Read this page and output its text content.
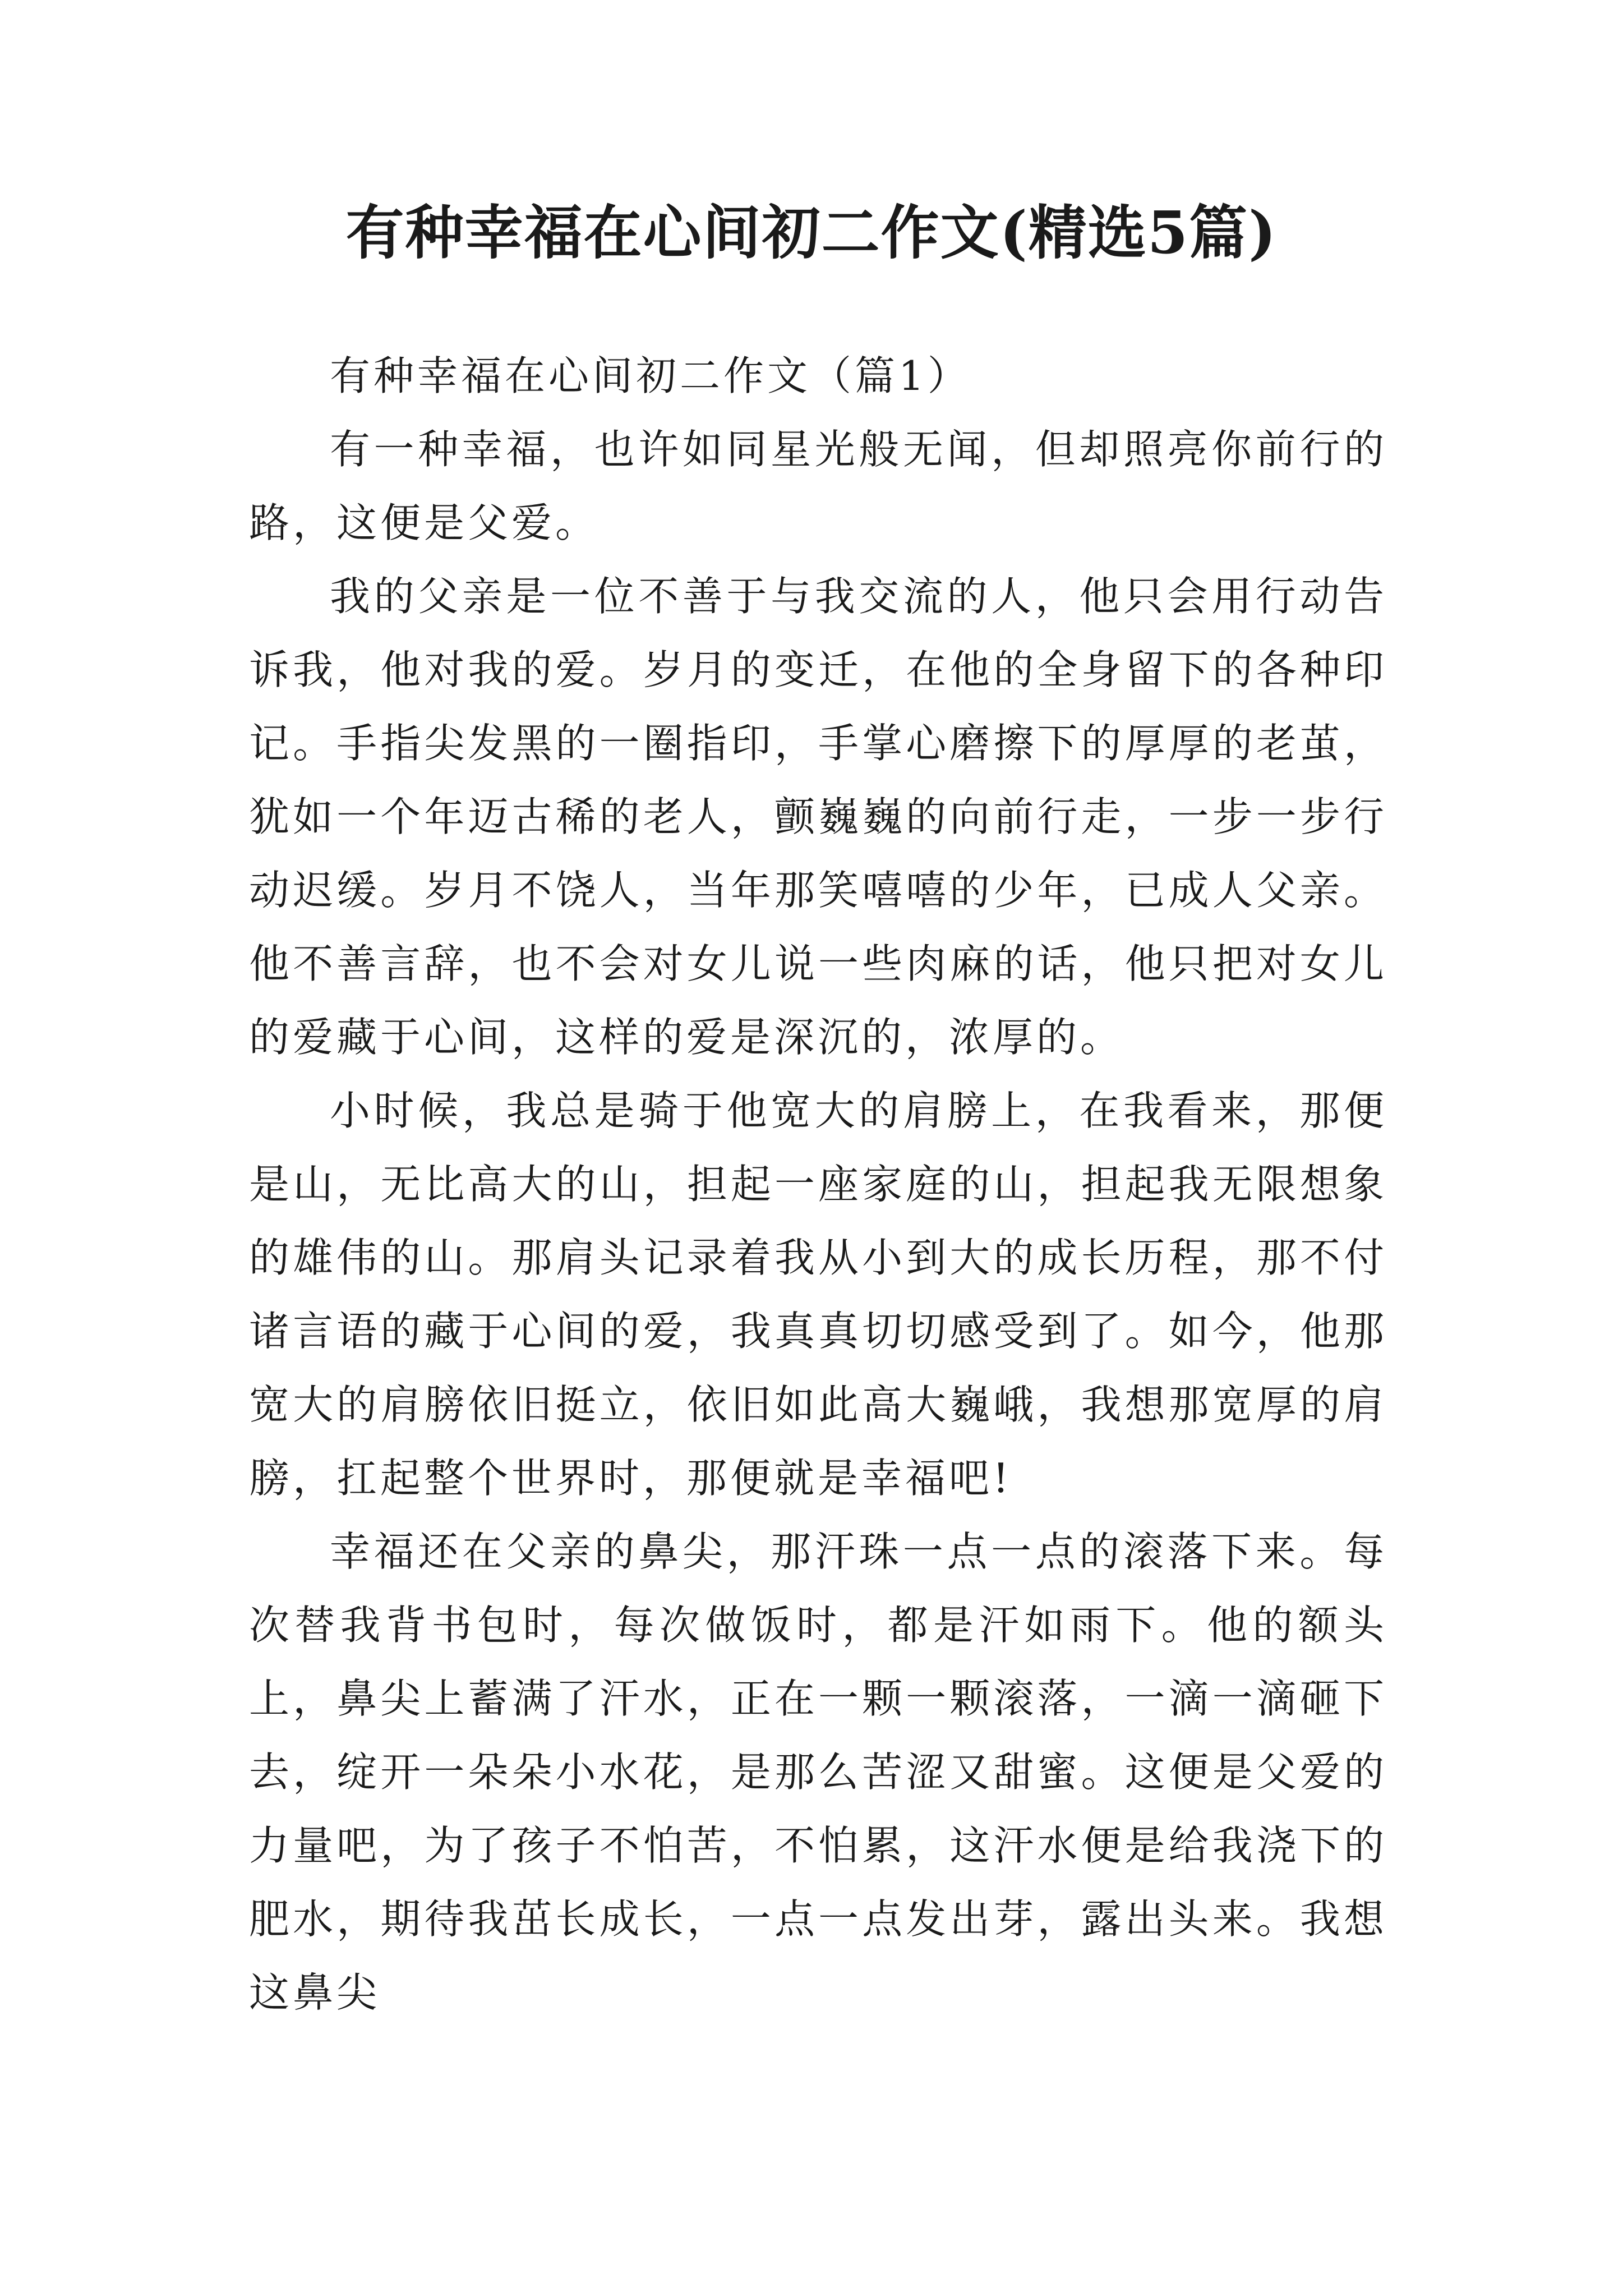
有种幸福在心间初二作文(精选5篇)

有种幸福在心间初二作文（篇1）

有一种幸福，也许如同星光般无闻，但却照亮你前行的路，这便是父爱。

我的父亲是一位不善于与我交流的人，他只会用行动告诉我，他对我的爱。岁月的变迁，在他的全身留下的各种印记。手指尖发黑的一圈指印，手掌心磨擦下的厚厚的老茧，犹如一个年迈古稀的老人，颤巍巍的向前行走，一步一步行动迟缓。岁月不饶人，当年那笑嘻嘻的少年，已成人父亲。他不善言辞，也不会对女儿说一些肉麻的话，他只把对女儿的爱藏于心间，这样的爱是深沉的，浓厚的。

小时候，我总是骑于他宽大的肩膀上，在我看来，那便是山，无比高大的山，担起一座家庭的山，担起我无限想象的雄伟的山。那肩头记录着我从小到大的成长历程，那不付诸言语的藏于心间的爱，我真真切切感受到了。如今，他那宽大的肩膀依旧挺立，依旧如此高大巍峨，我想那宽厚的肩膀，扛起整个世界时，那便就是幸福吧!

幸福还在父亲的鼻尖，那汗珠一点一点的滚落下来。每次替我背书包时，每次做饭时，都是汗如雨下。他的额头上，鼻尖上蓄满了汗水，正在一颗一颗滚落，一滴一滴砸下去，绽开一朵朵小水花，是那么苦涩又甜蜜。这便是父爱的力量吧，为了孩子不怕苦，不怕累，这汗水便是给我浇下的肥水，期待我茁长成长，一点一点发出芽，露出头来。我想这鼻尖
